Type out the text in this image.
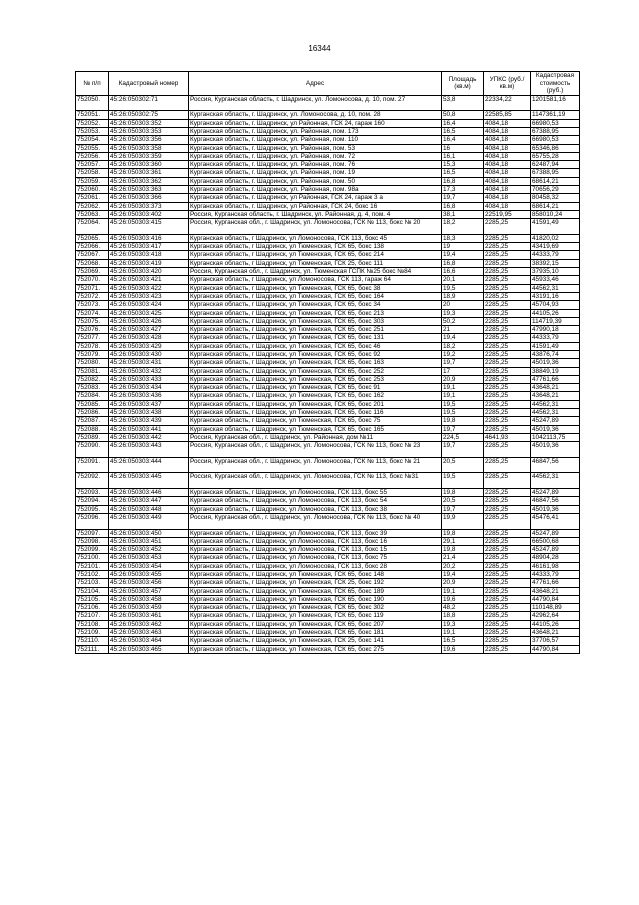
16344
№ п/п	Кадастровый номер	Адрес	Площадь (кв.м)	УПКС (руб./кв.м)	Кадастровая стоимость (руб.)
752050.	45:26:050302:71	Россия, Курганская область, г. Шадринск, ул. Ломоносова, д. 10, пом. 27	53,8	22334,22	1201581,16
752051.	45:26:050302:75	Курганская область, г. Шадринск, ул. Ломоносова, д. 10, пом. 28	50,8	22585,85	1147361,19
752052.	45:26:050303:352	Курганская область, г. Шадринск, ул Районная, ГСК 24, гараж 160	16,4	4084,18	66980,53
752053.	45:26:050303:353	Курганская область, г. Шадринск, ул. Районная, пом. 173	16,5	4084,18	67388,95
752054.	45:26:050303:356	Курганская область, г. Шадринск, ул. Районная, пом. 110	16,4	4084,18	66980,53
752055.	45:26:050303:358	Курганская область, г. Шадринск, ул. Районная, пом. 53	16	4084,18	65346,86
752056.	45:26:050303:359	Курганская область, г. Шадринск, ул. Районная, пом. 72	16,1	4084,18	65755,28
752057.	45:26:050303:360	Курганская область, г. Шадринск, ул. Районная, пом. 76	15,3	4084,18	62487,94
752058.	45:26:050303:361	Курганская область, г. Шадринск, ул. Районная, пом. 19	16,5	4084,18	67388,95
752059.	45:26:050303:362	Курганская область, г. Шадринск, ул. Районная, пом. 50	16,8	4084,18	68614,21
752060.	45:26:050303:363	Курганская область, г. Шадринск, ул. Районная, пом. 98а	17,3	4084,18	70656,29
752061.	45:26:050303:366	Курганская область, г. Шадринск, ул Районная, ГСК 24, гараж 3 а	19,7	4084,18	80458,32
752062.	45:26:050303:373	Курганская область, г. Шадринск, ул Районная, ГСК 24, бокс 16	16,8	4084,18	68614,21
752063.	45:26:050303:402	Россия, Курганская область, г. Шадринск, ул. Районная, д. 4, пом. 4	38,1	22519,95	858010,24
752064.	45:26:050303:415	Россия, Курганская обл., г. Шадринск, ул. Ломоносова, ГСК № 113, бокс № 20	18,2	2285,25	41591,49
752065.	45:26:050303:416	Курганская область, г Шадринск, ул Ломоносова, ГСК 113, бокс 45	18,3	2285,25	41820,02
752066.	45:26:050303:417	Курганская область, г Шадринск, ул Тюменская, ГСК 65, бокс 138	19	2285,25	43419,69
752067.	45:26:050303:418	Курганская область, г Шадринск, ул Тюменская, ГСК 65, бокс 214	19,4	2285,25	44333,79
752068.	45:26:050303:419	Курганская область, г Шадринск, ул Тюменская, ГСК 25, бокс 111	16,8	2285,25	38392,15
752069.	45:26:050303:420	Россия, Курганская обл., г. Шадринск, ул. Тюменская ГСПК №25 бокс №84	16,6	2285,25	37935,10
752070.	45:26:050303:421	Курганская область, г Шадринск, ул Ломоносова, ГСК 113, гараж 64	20,1	2285,25	45933,46
752071.	45:26:050303:422	Курганская область, г Шадринск, ул Тюменская, ГСК 65, бокс 38	19,5	2285,25	44562,31
752072.	45:26:050303:423	Курганская область, г Шадринск, ул Тюменская, ГСК 65, бокс 164	18,9	2285,25	43191,16
752073.	45:26:050303:424	Курганская область, г Шадринск, ул Тюменская, ГСК 65, бокс 34	20	2285,25	45704,93
752074.	45:26:050303:425	Курганская область, г Шадринск, ул Тюменская, ГСК 65, бокс 213	19,3	2285,25	44105,26
752075.	45:26:050303:426	Курганская область, г Шадринск, ул Тюменская, ГСК 65, бокс 303	50,2	2285,25	114719,39
752076.	45:26:050303:427	Курганская область, г Шадринск, ул Тюменская, ГСК 65, бокс 251	21	2285,25	47990,18
752077.	45:26:050303:428	Курганская область, г Шадринск, ул Тюменская, ГСК 65, бокс 131	19,4	2285,25	44333,79
752078.	45:26:050303:429	Курганская область, г Шадринск, ул Тюменская, ГСК 65, бокс 46	18,2	2285,25	41591,49
752079.	45:26:050303:430	Курганская область, г Шадринск, ул Тюменская, ГСК 65, бокс 92	19,2	2285,25	43876,74
752080.	45:26:050303:431	Курганская область, г Шадринск, ул Тюменская, ГСК 65, бокс 163	19,7	2285,25	45019,36
752081.	45:26:050303:432	Курганская область, г Шадринск, ул Тюменская, ГСК 65, бокс 252	17	2285,25	38849,19
752082.	45:26:050303:433	Курганская область, г Шадринск, ул Тюменская, ГСК 65, бокс 253	20,9	2285,25	47761,66
752083.	45:26:050303:434	Курганская область, г Шадринск, ул Тюменская, ГСК 65, бокс 91	19,1	2285,25	43648,21
752084.	45:26:050303:436	Курганская область, г Шадринск, ул Тюменская, ГСК 65, бокс 162	19,1	2285,25	43648,21
752085.	45:26:050303:437	Курганская область, г Шадринск, ул Тюменская, ГСК 65, бокс 201	19,5	2285,25	44562,31
752086.	45:26:050303:438	Курганская область, г Шадринск, ул Тюменская, ГСК 65, бокс 116	19,5	2285,25	44562,31
752087.	45:26:050303:439	Курганская область, г Шадринск, ул Тюменская, ГСК 65, бокс 75	19,8	2285,25	45247,89
752088.	45:26:050303:441	Курганская область, г Шадринск, ул Тюменская, ГСК 65, бокс 165	19,7	2285,25	45019,36
752089.	45:26:050303:442	Россия, Курганская обл., г. Шадринск, ул. Районная, дом №11	224,5	4641,93	1042113,75
752090.	45:26:050303:443	Россия, Курганская обл., г. Шадринск, ул. Ломоносова, ГСК № 113, бокс № 23	19,7	2285,25	45019,36
752091.	45:26:050303:444	Россия, Курганская обл., г. Шадринск, ул. Ломоносова, ГСК № 113, бокс № 21	20,5	2285,25	46847,56
752092.	45:26:050303:445	Россия, Курганская обл., г. Шадринск, ул. Ломоносова, ГСК № 113, бокс №31	19,5	2285,25	44562,31
752093.	45:26:050303:446	Курганская область, г Шадринск, ул Ломоносова, ГСК 113, бокс 55	19,8	2285,25	45247,89
752094.	45:26:050303:447	Курганская область, г Шадринск, ул Ломоносова, ГСК 113, бокс 54	20,5	2285,25	46847,56
752095.	45:26:050303:448	Курганская область, г Шадринск, ул Ломоносова, ГСК 113, бокс 38	19,7	2285,25	45019,36
752096.	45:26:050303:449	Россия, Курганская обл., г. Шадринск, ул. Ломоносова, ГСК № 113, бокс № 40	19,9	2285,25	45476,41
752097.	45:26:050303:450	Курганская область, г Шадринск, ул Ломоносова, ГСК 113, бокс 39	19,8	2285,25	45247,89
752098.	45:26:050303:451	Курганская область, г Шадринск, ул Ломоносова, ГСК 113, бокс 16	29,1	2285,25	66500,68
752099.	45:26:050303:452	Курганская область, г Шадринск, ул Ломоносова, ГСК 113, бокс 15	19,8	2285,25	45247,89
752100.	45:26:050303:453	Курганская область, г Шадринск, ул Ломоносова, ГСК 113, бокс 75	21,4	2285,25	48904,28
752101.	45:26:050303:454	Курганская область, г Шадринск, ул Ломоносова, ГСК 113, бокс 28	20,2	2285,25	46161,98
752102.	45:26:050303:455	Курганская область, г Шадринск, ул Тюменская, ГСК 65, бокс 148	19,4	2285,25	44333,79
752103.	45:26:050303:456	Курганская область, г Шадринск, ул Тюменская, ГСК 25, бокс 192	20,9	2285,25	47761,66
752104.	45:26:050303:457	Курганская область, г Шадринск, ул Тюменская, ГСК 65, бокс 189	19,1	2285,25	43648,21
752105.	45:26:050303:458	Курганская область, г Шадринск, ул Тюменская, ГСК 65, бокс 190	19,6	2285,25	44790,84
752106.	45:26:050303:459	Курганская область, г Шадринск, ул Тюменская, ГСК 65, бокс 302	48,2	2285,25	110148,89
752107.	45:26:050303:461	Курганская область, г Шадринск, ул Тюменская, ГСК 65, бокс 119	18,8	2285,25	42962,64
752108.	45:26:050303:462	Курганская область, г Шадринск, ул Тюменская, ГСК 65, бокс 207	19,3	2285,25	44105,26
752109.	45:26:050303:463	Курганская область, г Шадринск, ул Тюменская, ГСК 65, бокс 181	19,1	2285,25	43648,21
752110.	45:26:050303:464	Курганская область, г Шадринск, ул Тюменская, ГСК 25, бокс 141	16,5	2285,25	37706,57
752111.	45:26:050303:465	Курганская область, г Шадринск, ул Тюменская, ГСК 65, бокс 275	19,6	2285,25	44790,84
